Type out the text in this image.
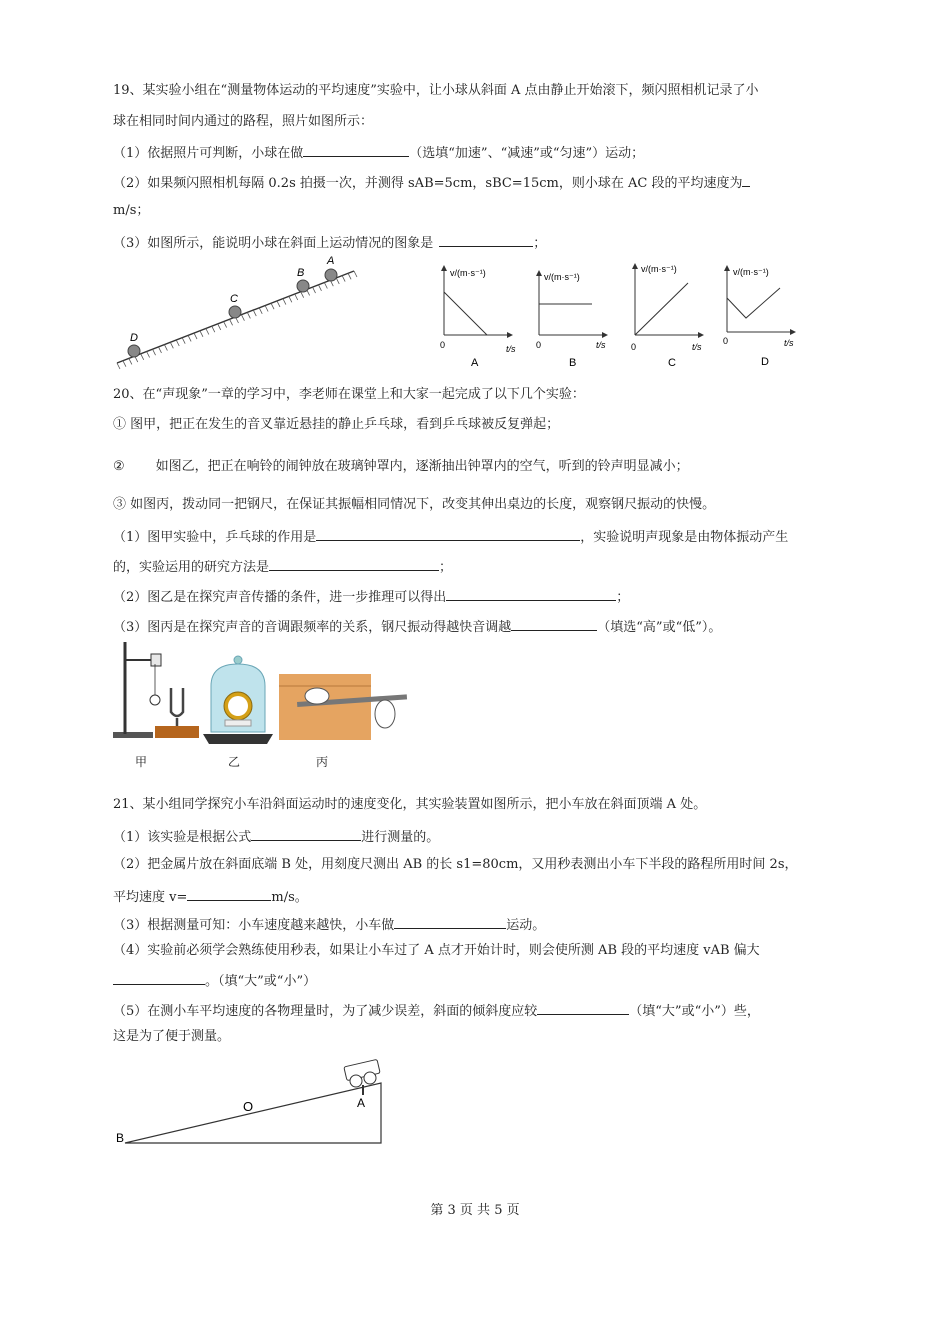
19、某实验小组在“测量物体运动的平均速度”实验中，让小球从斜面 A 点由静止开始滚下，频闪照相机记录了小
球在相同时间内通过的路程，照片如图所示：
（1）依据照片可判断，小球在做	（选填“加速”、“减速”或“匀速”）运动；
（2）如果频闪照相机每隔 0.2s 拍摄一次，并测得 sAB=5cm，sBC=15cm，则小球在 AC 段的平均速度为
m/s；
（3）如图所示，能说明小球在斜面上运动情况的图象是	；
D
C
B
A
v/(m·s⁻¹)
t/s
0
A
v/(m·s⁻¹)
t/s
0
B
v/(m·s⁻¹)
t/s
0
C
v/(m·s⁻¹)
t/s
0
D
20、在“声现象”一章的学习中，李老师在课堂上和大家一起完成了以下几个实验：
① 图甲，把正在发生的音叉靠近悬挂的静止乒乓球，看到乒乓球被反复弹起；
② 如图乙，把正在响铃的闹钟放在玻璃钟罩内，逐渐抽出钟罩内的空气，听到的铃声明显减小；
③ 如图丙，拨动同一把钢尺，在保证其振幅相同情况下，改变其伸出桌边的长度，观察钢尺振动的快慢。
（1）图甲实验中，乒乓球的作用是	，实验说明声现象是由物体振动产生
的，实验运用的研究方法是	；
（2）图乙是在探究声音传播的条件，进一步推理可以得出	；
（3）图丙是在探究声音的音调跟频率的关系，钢尺振动得越快音调越	（填选“高”或“低”）。
甲	乙	丙
21、某小组同学探究小车沿斜面运动时的速度变化，其实验装置如图所示，把小车放在斜面顶端 A 处。
（1）该实验是根据公式	进行测量的。
（2）把金属片放在斜面底端 B 处，用刻度尺测出 AB 的长 s1=80cm，又用秒表测出小车下半段的路程所用时间 2s，
平均速度 v=	m/s。
（3）根据测量可知：小车速度越来越快，小车做	运动。
（4）实验前必须学会熟练使用秒表，如果让小车过了 A 点才开始计时，则会使所测 AB 段的平均速度 vAB 偏大
。（填“大”或“小”）
（5）在测小车平均速度的各物理量时，为了减少误差，斜面的倾斜度应较	（填“大”或“小”）些，
这是为了便于测量。
B
O	A
第 3 页 共 5 页
